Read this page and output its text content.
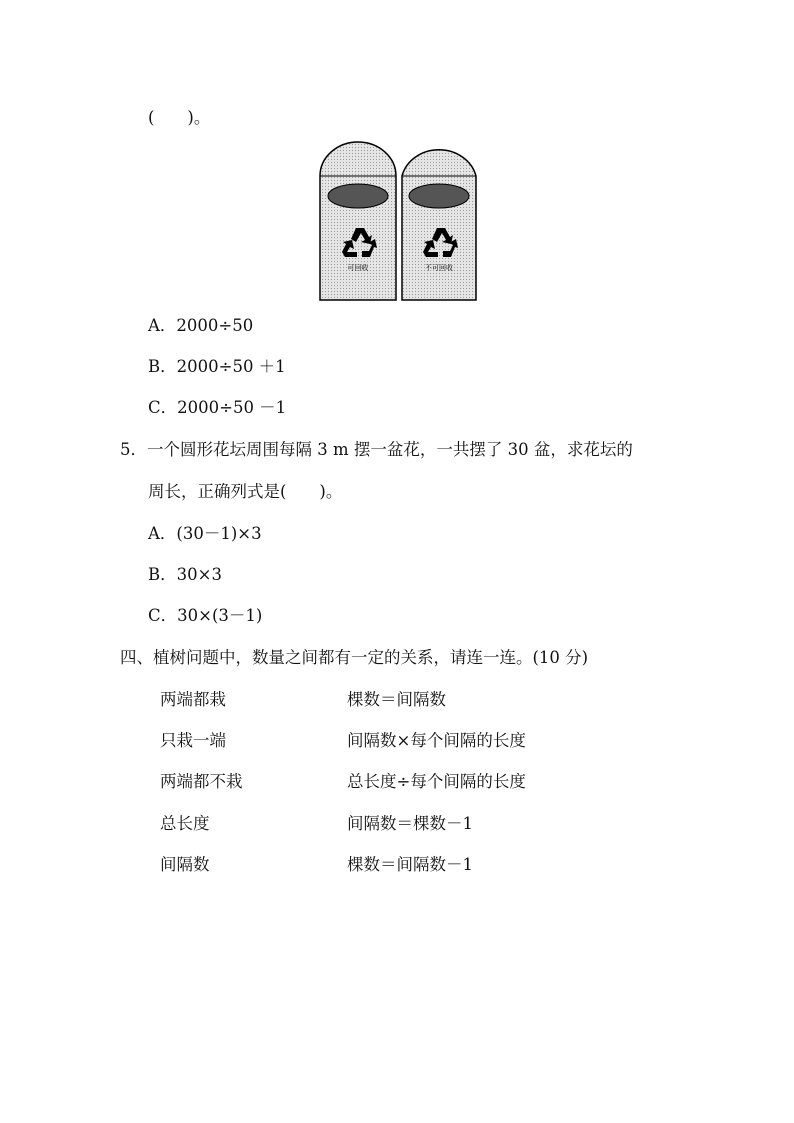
(　　)。
可回收	不可回收
A．2000÷50
B．2000÷50 ＋1
C．2000÷50 －1
5．一个圆形花坛周围每隔 3 m 摆一盆花，一共摆了 30 盆，求花坛的
周长，正确列式是(　　)。
A．(30－1)×3
B．30×3
C．30×(3－1)
四、植树问题中，数量之间都有一定的关系，请连一连。(10 分)
两端都栽
只栽一端
两端都不栽
总长度
间隔数
棵数＝间隔数
间隔数×每个间隔的长度
总长度÷每个间隔的长度
间隔数＝棵数－1
棵数＝间隔数－1
